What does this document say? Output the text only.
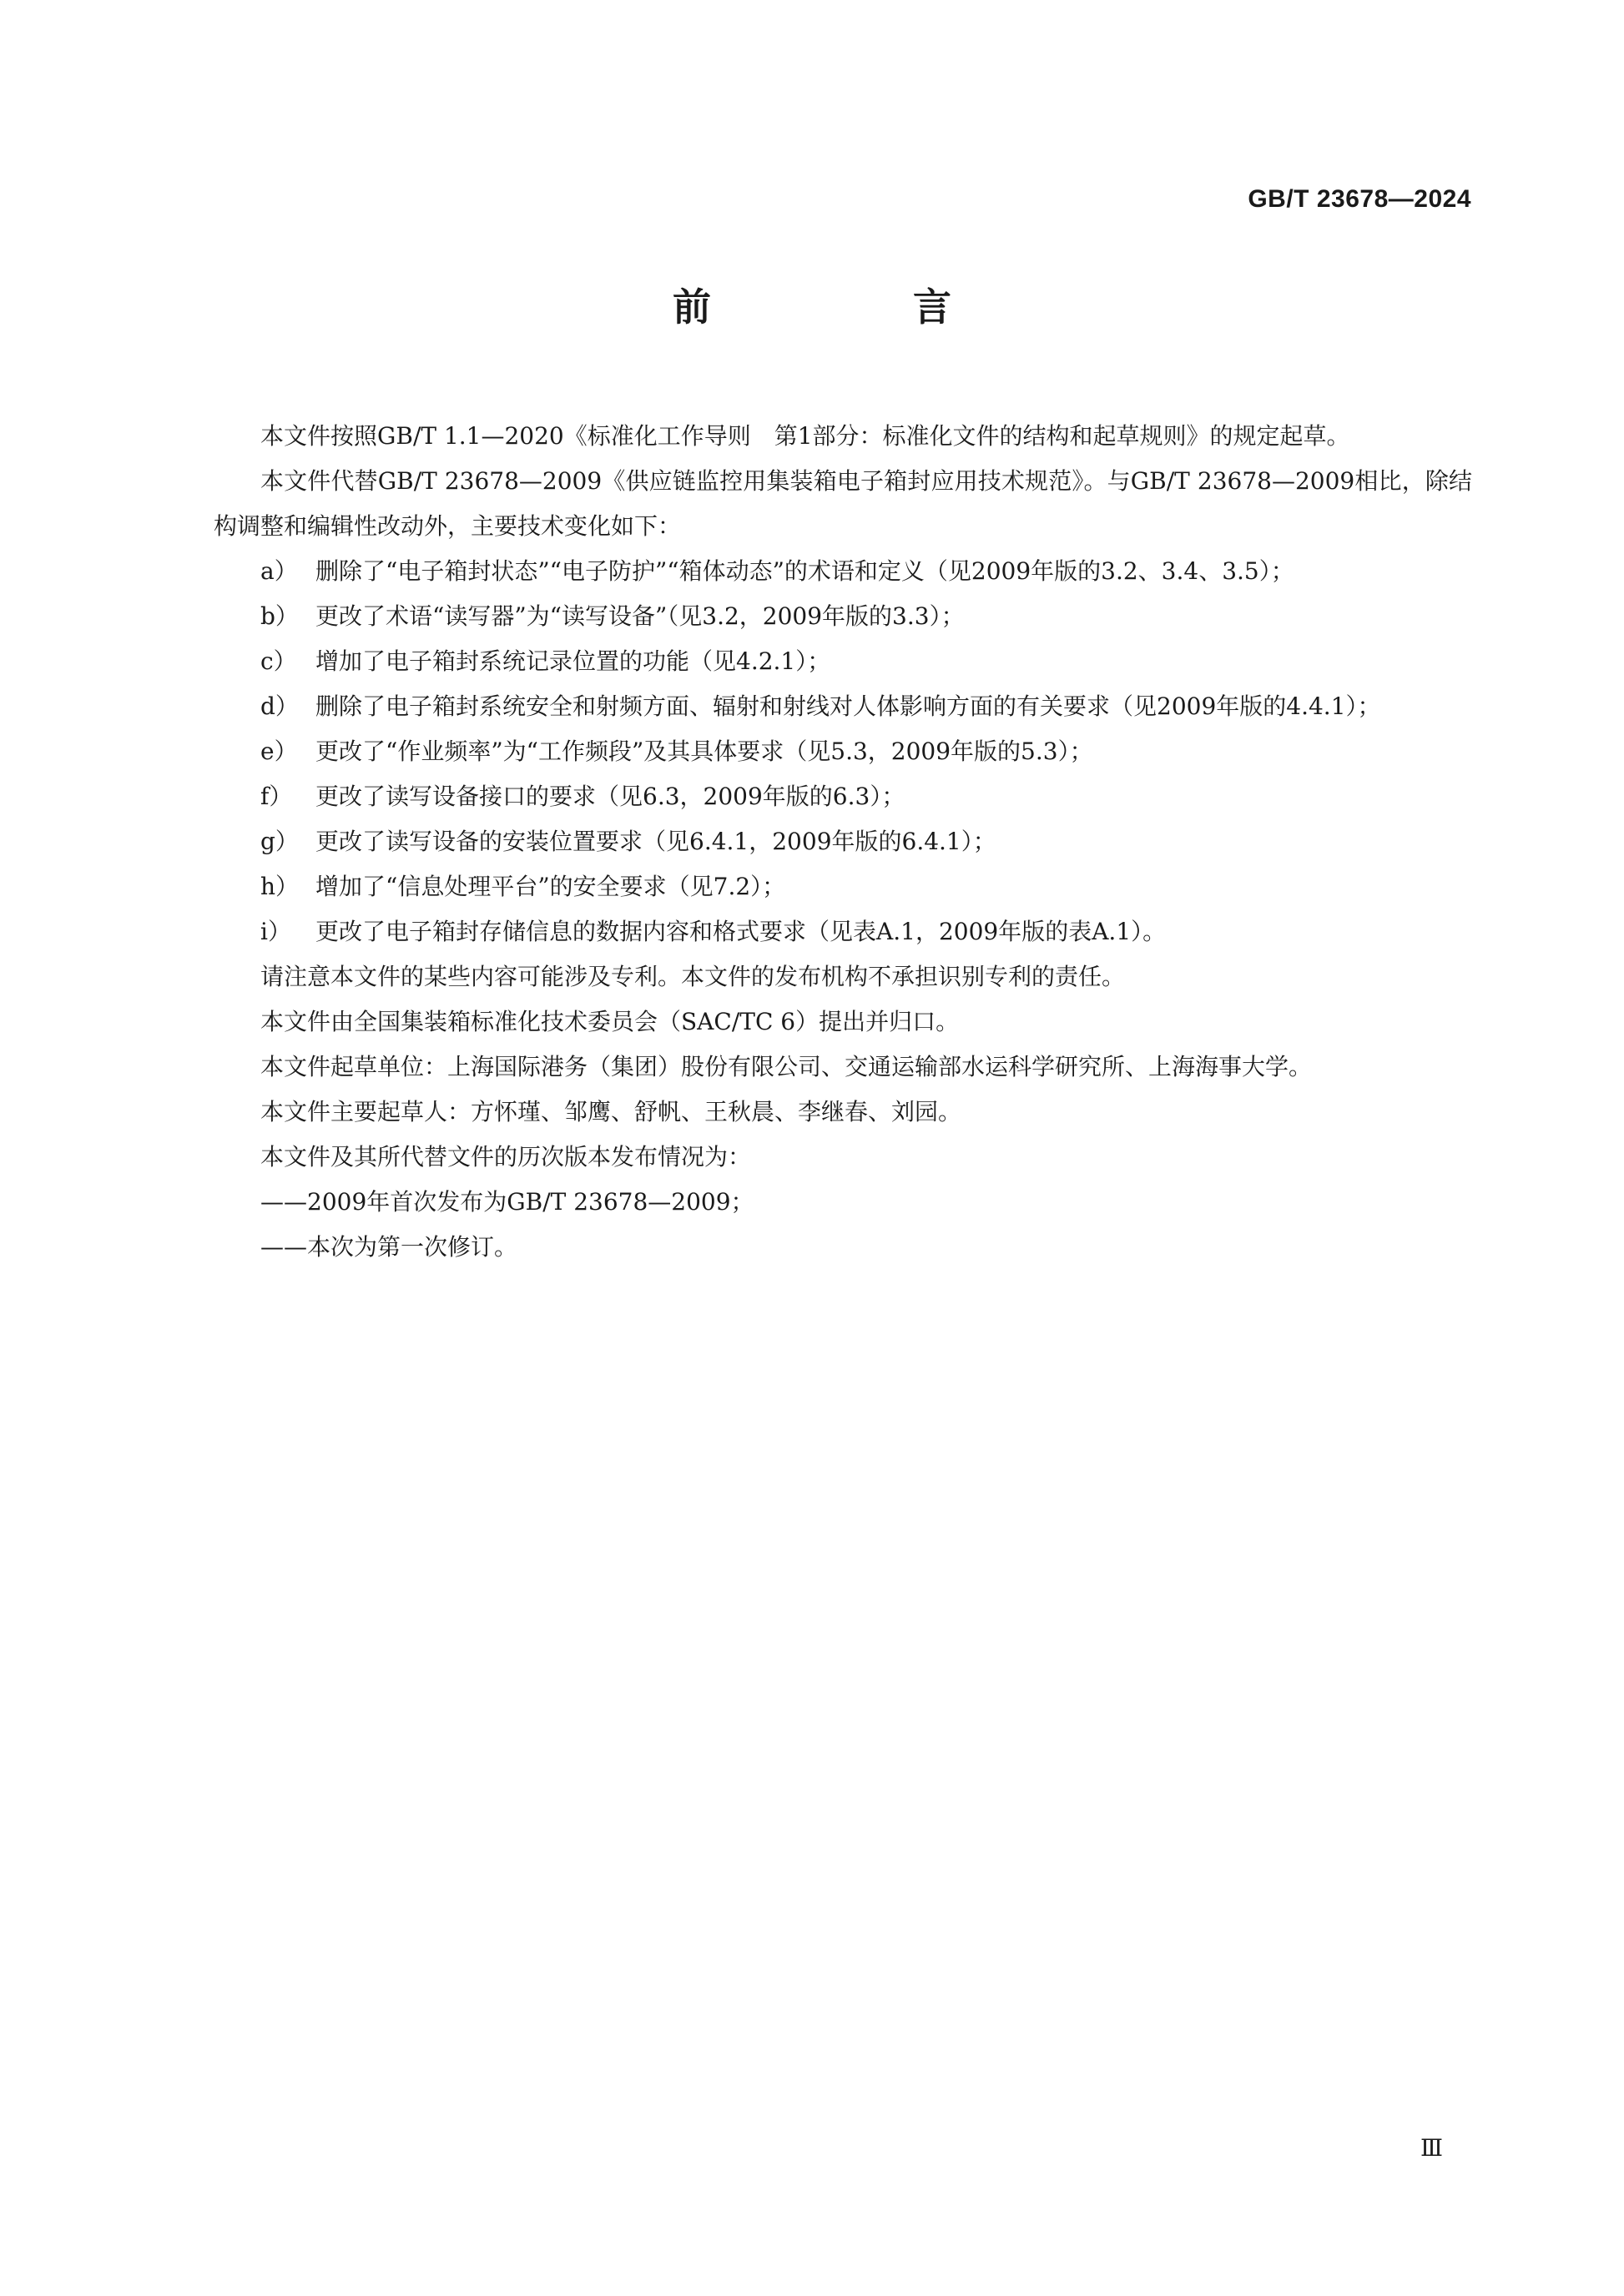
GB/T 23678—2024
前　　言

本文件按照GB/T 1.1—2020《标准化工作导则　第1部分：标准化文件的结构和起草规则》的规定起草。

本文件代替GB/T 23678—2009《供应链监控用集装箱电子箱封应用技术规范》。与GB/T 23678—2009相比，除结构调整和编辑性改动外，主要技术变化如下：

a） 删除了“电子箱封状态”“电子防护”“箱体动态”的术语和定义（见2009年版的3.2、3.4、3.5）；

b） 更改了术语“读写器”为“读写设备”（见3.2，2009年版的3.3）；

c） 增加了电子箱封系统记录位置的功能（见4.2.1）；

d） 删除了电子箱封系统安全和射频方面、辐射和射线对人体影响方面的有关要求（见2009年版的4.4.1）；

e） 更改了“作业频率”为“工作频段”及其具体要求（见5.3，2009年版的5.3）；

f） 更改了读写设备接口的要求（见6.3，2009年版的6.3）；

g） 更改了读写设备的安装位置要求（见6.4.1，2009年版的6.4.1）；

h） 增加了“信息处理平台”的安全要求（见7.2）；

i） 更改了电子箱封存储信息的数据内容和格式要求（见表A.1，2009年版的表A.1）。

请注意本文件的某些内容可能涉及专利。本文件的发布机构不承担识别专利的责任。

本文件由全国集装箱标准化技术委员会（SAC/TC 6）提出并归口。

本文件起草单位：上海国际港务（集团）股份有限公司、交通运输部水运科学研究所、上海海事大学。

本文件主要起草人：方怀瑾、邹鹰、舒帆、王秋晨、李继春、刘园。

本文件及其所代替文件的历次版本发布情况为：

——2009年首次发布为GB/T 23678—2009；

——本次为第一次修订。

Ⅲ
